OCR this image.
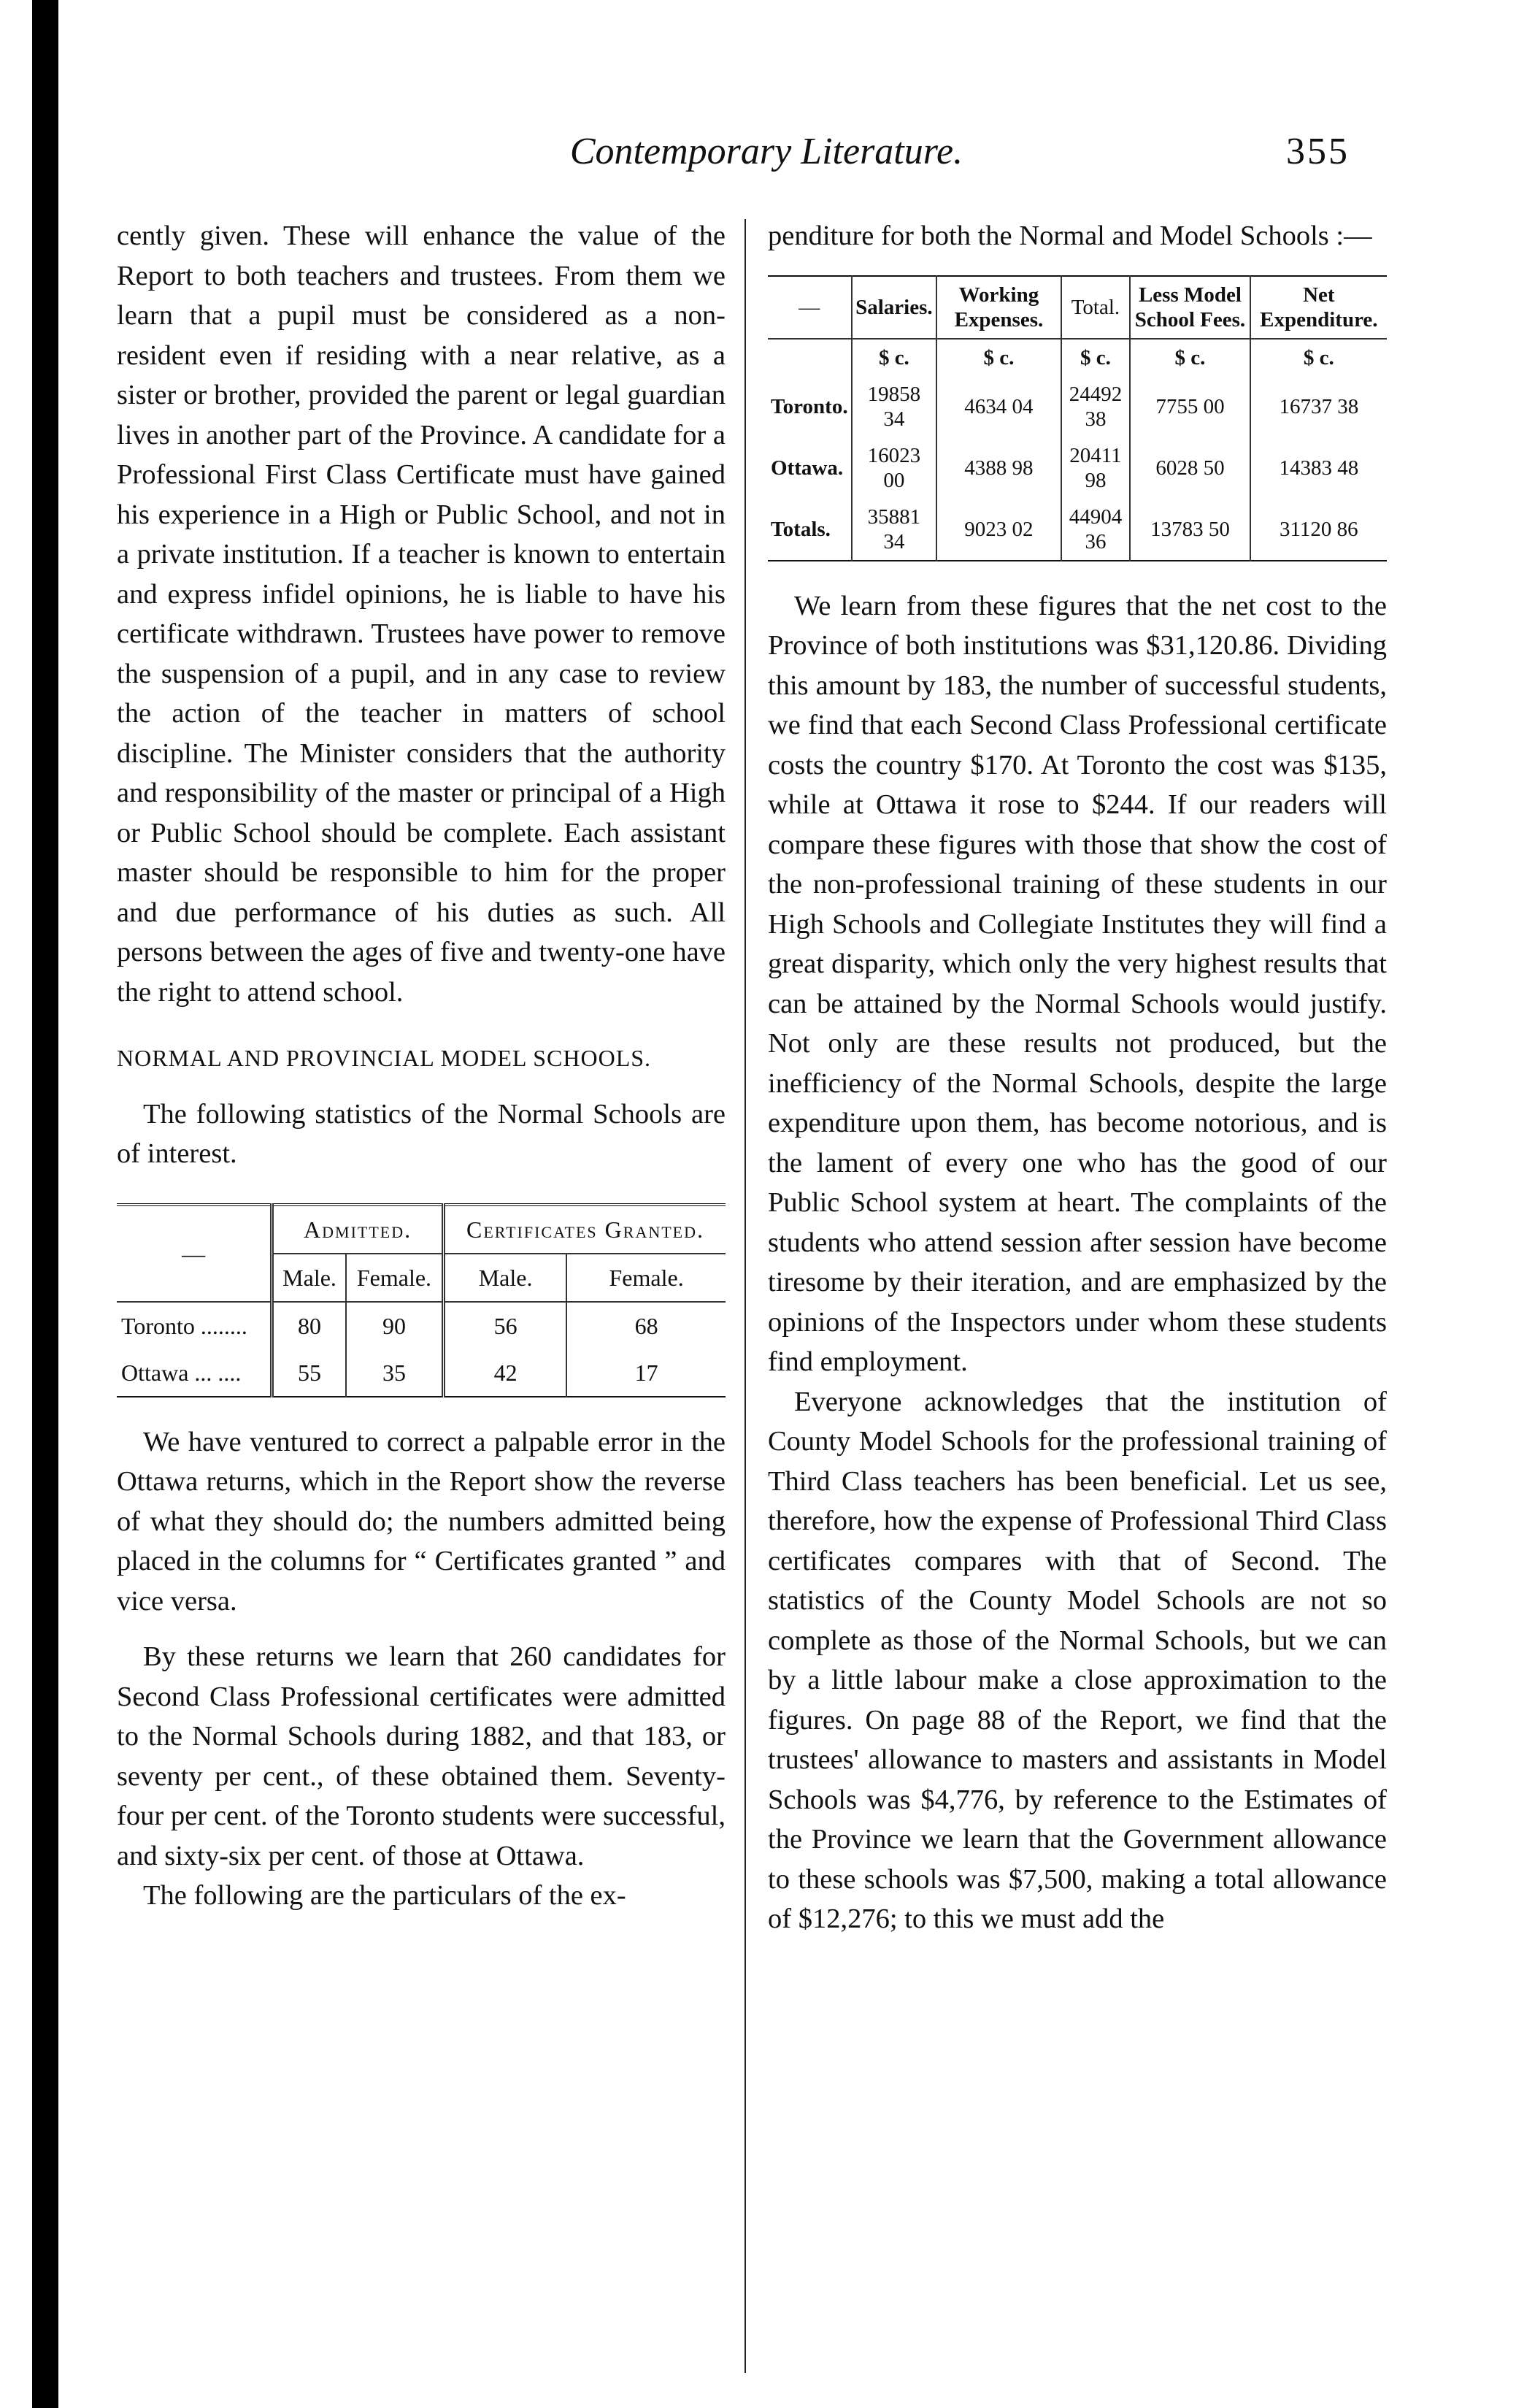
Contemporary Literature.	355

cently given. These will enhance the value of the Report to both teachers and trustees. From them we learn that a pupil must be considered as a non-resident even if residing with a near relative, as a sister or brother, provided the parent or legal guardian lives in another part of the Province. A candidate for a Professional First Class Certificate must have gained his experience in a High or Public School, and not in a private institution. If a teacher is known to entertain and express infidel opinions, he is liable to have his certificate withdrawn. Trustees have power to remove the suspension of a pupil, and in any case to review the action of the teacher in matters of school discipline. The Minister considers that the authority and responsibility of the master or principal of a High or Public School should be complete. Each assistant master should be responsible to him for the proper and due performance of his duties as such. All persons between the ages of five and twenty-one have the right to attend school.

NORMAL AND PROVINCIAL MODEL SCHOOLS.

The following statistics of the Normal Schools are of interest.

—	Admitted.		Certificates Granted.	
	Male.	Female.	Male.	Female.
Toronto ........	80	90	56	68
Ottawa ... ....	55	35	42	17

We have ventured to correct a palpable error in the Ottawa returns, which in the Report show the reverse of what they should do; the numbers admitted being placed in the columns for “ Certificates granted ” and vice versa.

By these returns we learn that 260 candidates for Second Class Professional certificates were admitted to the Normal Schools during 1882, and that 183, or seventy per cent., of these obtained them. Seventy-four per cent. of the Toronto students were successful, and sixty-six per cent. of those at Ottawa.

The following are the particulars of the ex-

penditure for both the Normal and Model Schools :—

—	Salaries.	Working Expenses.	Total.	Less Model School Fees.	Net Expenditure.
	$ c.	$ c.	$ c.	$ c.	$ c.
Toronto.	19858 34	4634 04	24492 38	7755 00	16737 38
Ottawa.	16023 00	4388 98	20411 98	6028 50	14383 48
Totals.	35881 34	9023 02	44904 36	13783 50	31120 86

We learn from these figures that the net cost to the Province of both institutions was $31,120.86. Dividing this amount by 183, the number of successful students, we find that each Second Class Professional certificate costs the country $170. At Toronto the cost was $135, while at Ottawa it rose to $244. If our readers will compare these figures with those that show the cost of the non-professional training of these students in our High Schools and Collegiate Institutes they will find a great disparity, which only the very highest results that can be attained by the Normal Schools would justify. Not only are these results not produced, but the inefficiency of the Normal Schools, despite the large expenditure upon them, has become notorious, and is the lament of every one who has the good of our Public School system at heart. The complaints of the students who attend session after session have become tiresome by their iteration, and are emphasized by the opinions of the Inspectors under whom these students find employment.

Everyone acknowledges that the institution of County Model Schools for the professional training of Third Class teachers has been beneficial. Let us see, therefore, how the expense of Professional Third Class certificates compares with that of Second. The statistics of the County Model Schools are not so complete as those of the Normal Schools, but we can by a little labour make a close approximation to the figures. On page 88 of the Report, we find that the trustees' allowance to masters and assistants in Model Schools was $4,776, by reference to the Estimates of the Province we learn that the Government allowance to these schools was $7,500, making a total allowance of $12,276; to this we must add the
